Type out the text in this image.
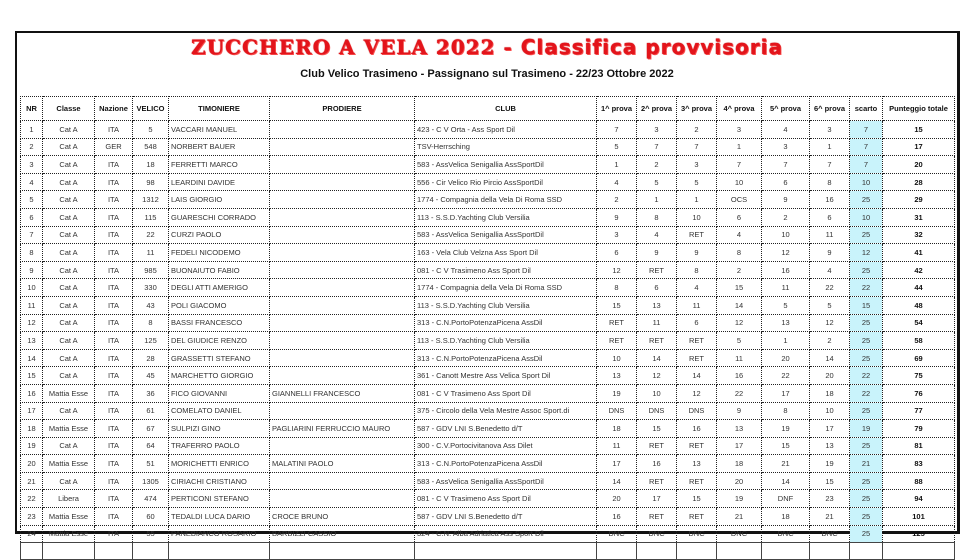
ZUCCHERO A VELA 2022 - Classifica provvisoria
Club Velico Trasimeno - Passignano sul Trasimeno - 22/23 Ottobre 2022
NR	Classe	Nazione	VELICO	TIMONIERE	PRODIERE	CLUB	1^ prova	2^ prova	3^ prova	4^ prova	5^ prova	6^ prova	scarto	Punteggio totale
1	Cat A	ITA	5	VACCARI MANUEL		423 - C V Orta - Ass Sport Dil	7	3	2	3	4	3	7	15
2	Cat A	GER	548	NORBERT BAUER		TSV-Herrsching	5	7	7	1	3	1	7	17
3	Cat A	ITA	18	FERRETTI MARCO		583 - AssVelica Senigallia AssSportDil	1	2	3	7	7	7	7	20
4	Cat A	ITA	98	LEARDINI DAVIDE		556 - Cir Velico Rio Pircio AssSportDil	4	5	5	10	6	8	10	28
5	Cat A	ITA	1312	LAIS GIORGIO		1774 - Compagnia della Vela Di Roma SSD	2	1	1	OCS	9	16	25	29
6	Cat A	ITA	115	GUARESCHI CORRADO		113 - S.S.D.Yachting Club Versilia	9	8	10	6	2	6	10	31
7	Cat A	ITA	22	CURZI PAOLO		583 - AssVelica Senigallia AssSportDil	3	4	RET	4	10	11	25	32
8	Cat A	ITA	11	FEDELI NICODEMO		163 - Vela Club Velzna Ass Sport Dil	6	9	9	8	12	9	12	41
9	Cat A	ITA	985	BUONAIUTO FABIO		081 - C V Trasimeno Ass Sport Dil	12	RET	8	2	16	4	25	42
10	Cat A	ITA	330	DEGLI ATTI AMERIGO		1774 - Compagnia della Vela Di Roma SSD	8	6	4	15	11	22	22	44
11	Cat A	ITA	43	POLI GIACOMO		113 - S.S.D.Yachting Club Versilia	15	13	11	14	5	5	15	48
12	Cat A	ITA	8	BASSI FRANCESCO		313 - C.N.PortoPotenzaPicena AssDil	RET	11	6	12	13	12	25	54
13	Cat A	ITA	125	DEL GIUDICE RENZO		113 - S.S.D.Yachting Club Versilia	RET	RET	RET	5	1	2	25	58
14	Cat A	ITA	28	GRASSETTI STEFANO		313 - C.N.PortoPotenzaPicena AssDil	10	14	RET	11	20	14	25	69
15	Cat A	ITA	45	MARCHETTO GIORGIO		361 - Canott Mestre Ass Velica Sport Dil	13	12	14	16	22	20	22	75
16	Mattia Esse	ITA	36	FICO GIOVANNI	GIANNELLI FRANCESCO	081 - C V Trasimeno Ass Sport Dil	19	10	12	22	17	18	22	76
17	Cat A	ITA	61	COMELATO DANIEL		375 - Circolo della Vela Mestre Assoc Sport.di	DNS	DNS	DNS	9	8	10	25	77
18	Mattia Esse	ITA	67	SULPIZI GINO	PAGLIARINI FERRUCCIO MAURO	587 - GDV LNI S.Benedetto d/T	18	15	16	13	19	17	19	79
19	Cat A	ITA	64	TRAFERRO PAOLO		300 - C.V.Portocivitanova Ass Dilet	11	RET	RET	17	15	13	25	81
20	Mattia Esse	ITA	51	MORICHETTI ENRICO	MALATINI PAOLO	313 - C.N.PortoPotenzaPicena AssDil	17	16	13	18	21	19	21	83
21	Cat A	ITA	1305	CIRIACHI CRISTIANO		583 - AssVelica Senigallia AssSportDil	14	RET	RET	20	14	15	25	88
22	Libera	ITA	474	PERTICONI STEFANO		081 - C V Trasimeno Ass Sport Dil	20	17	15	19	DNF	23	25	94
23	Mattia Esse	ITA	60	TEDALDI LUCA DARIO	CROCE BRUNO	587 - GDV LNI S.Benedetto d/T	16	RET	RET	21	18	21	25	101
24	Mattia Esse	ITA	55	PANEBIANCO ROSARIO	BARBIZZI CASSIO	324 - C.N. Alba Adriatica Ass Sport Dil	DNC	DNC	DNC	DNC	DNC	DNC	25	125
